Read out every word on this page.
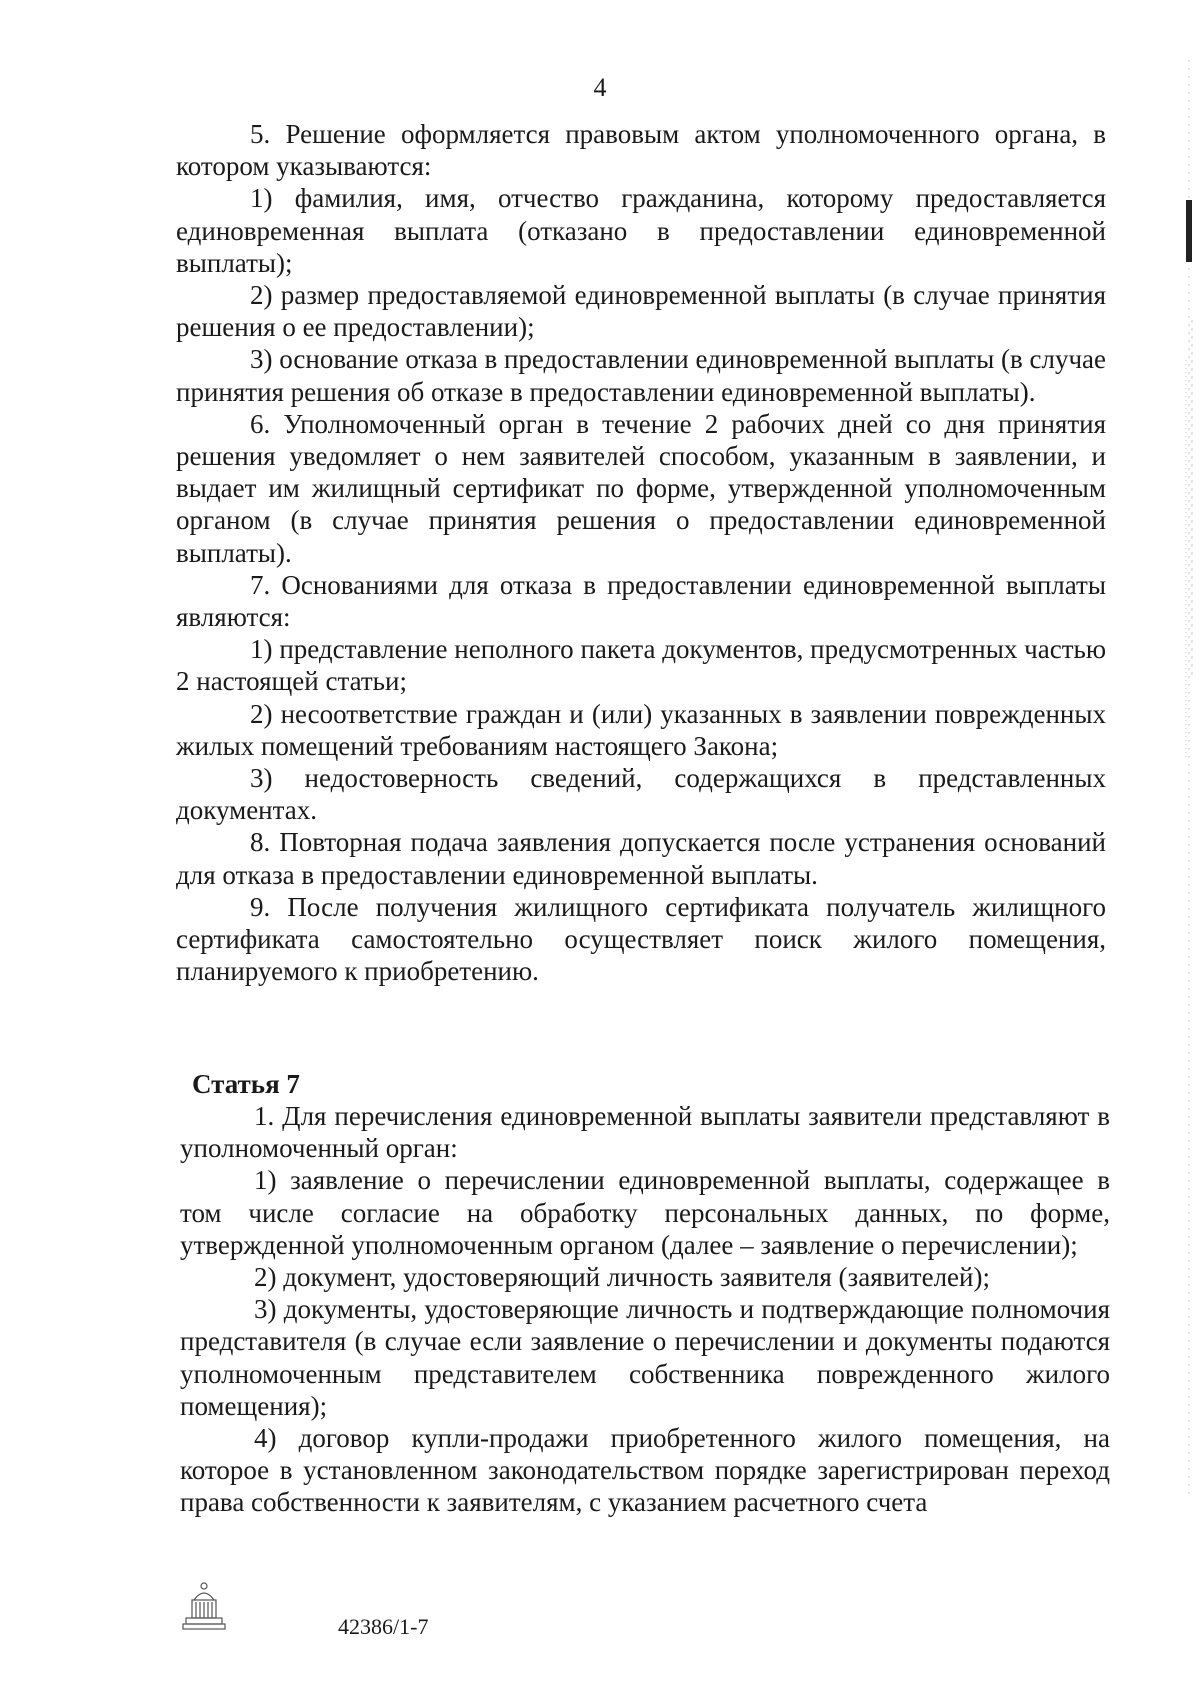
4

5. Решение оформляется правовым актом уполномоченного органа, в котором указываются:

1) фамилия, имя, отчество гражданина, которому предоставляется единовременная выплата (отказано в предоставлении единовременной выплаты);

2) размер предоставляемой единовременной выплаты (в случае принятия решения о ее предоставлении);

3) основание отказа в предоставлении единовременной выплаты (в случае принятия решения об отказе в предоставлении единовременной выплаты).

6. Уполномоченный орган в течение 2 рабочих дней со дня принятия решения уведомляет о нем заявителей способом, указанным в заявлении, и выдает им жилищный сертификат по форме, утвержденной уполномоченным органом (в случае принятия решения о предоставлении единовременной выплаты).

7. Основаниями для отказа в предоставлении единовременной выплаты являются:

1) представление неполного пакета документов, предусмотренных частью 2 настоящей статьи;

2) несоответствие граждан и (или) указанных в заявлении поврежденных жилых помещений требованиям настоящего Закона;

3) недостоверность сведений, содержащихся в представленных документах.

8. Повторная подача заявления допускается после устранения оснований для отказа в предоставлении единовременной выплаты.

9. После получения жилищного сертификата получатель жилищного сертификата самостоятельно осуществляет поиск жилого помещения, планируемого к приобретению.

Статья 7

1. Для перечисления единовременной выплаты заявители представляют в уполномоченный орган:

1) заявление о перечислении единовременной выплаты, содержащее в том числе согласие на обработку персональных данных, по форме, утвержденной уполномоченным органом (далее – заявление о перечислении);

2) документ, удостоверяющий личность заявителя (заявителей);

3) документы, удостоверяющие личность и подтверждающие полномочия представителя (в случае если заявление о перечислении и документы подаются уполномоченным представителем собственника поврежденного жилого помещения);

4) договор купли-продажи приобретенного жилого помещения, на которое в установленном законодательством порядке зарегистрирован переход права собственности к заявителям, с указанием расчетного счета

42386/1-7
